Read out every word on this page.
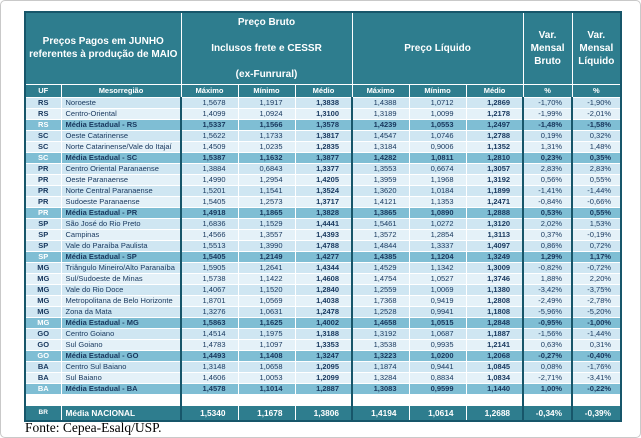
Preços Pagos em JUNHO
referentes à produção de MAIO

Preço Bruto
Inclusos frete e CESSR
(ex-Funrural)

Preço Líquido

Var.
Mensal
Bruto

Var.
Mensal
Líquido

UF	Mesorregião	Máximo	Mínimo	Médio	Máximo	Mínimo	Médio	%	%
RS	Noroeste	1,5678	1,1917	1,3838	1,4388	1,0712	1,2869	-1,70%	-1,90%
RS	Centro-Oriental	1,4099	1,0924	1,3100	1,3189	1,0099	1,2178	-1,99%	-2,01%
RS	Média Estadual - RS	1,5337	1,1566	1,3578	1,4239	1,0553	1,2497	-1,48%	-1,58%
SC	Oeste Catarinense	1,5622	1,1733	1,3817	1,4547	1,0746	1,2788	0,19%	0,32%
SC	Norte Catarinense/Vale do Itajaí	1,4509	1,0235	1,2835	1,3184	0,9006	1,1352	1,31%	1,48%
SC	Média Estadual - SC	1,5387	1,1632	1,3877	1,4282	1,0811	1,2810	0,23%	0,35%
PR	Centro Oriental Paranaense	1,3884	0,6843	1,3377	1,3553	0,6674	1,3057	2,83%	2,83%
PR	Oeste Paranaense	1,4990	1,2954	1,4205	1,3959	1,1968	1,3192	0,56%	0,55%
PR	Norte Central Paranaense	1,5201	1,1541	1,3524	1,3620	1,0184	1,1899	-1,41%	-1,44%
PR	Sudoeste Paranaense	1,5405	1,2573	1,3717	1,4121	1,1353	1,2471	-0,84%	-0,66%
PR	Média Estadual - PR	1,4918	1,1865	1,3828	1,3865	1,0890	1,2888	0,53%	0,55%
SP	São José do Rio Preto	1,6836	1,1529	1,4441	1,5461	1,0272	1,3120	2,02%	1,53%
SP	Campinas	1,4566	1,3557	1,4393	1,3572	1,2854	1,3113	0,37%	-0,19%
SP	Vale do Paraíba Paulista	1,5513	1,3990	1,4788	1,4844	1,3337	1,4097	0,86%	0,72%
SP	Média Estadual - SP	1,5405	1,2149	1,4277	1,4385	1,1204	1,3249	1,29%	1,17%
MG	Triângulo Mineiro/Alto Paranaíba	1,5905	1,2641	1,4344	1,4529	1,1342	1,3009	-0,82%	-0,72%
MG	Sul/Sudoeste de Minas	1,5738	1,1422	1,4608	1,4754	1,0527	1,3746	1,88%	2,20%
MG	Vale do Rio Doce	1,4067	1,1520	1,2840	1,2559	1,0069	1,1380	-3,42%	-3,75%
MG	Metropolitana de Belo Horizonte	1,8701	1,0569	1,4038	1,7368	0,9419	1,2808	-2,49%	-2,78%
MG	Zona da Mata	1,3276	1,0631	1,2478	1,2528	0,9941	1,1808	-5,96%	-5,20%
MG	Média Estadual - MG	1,5863	1,1625	1,4002	1,4658	1,0515	1,2848	-0,95%	-1,00%
GO	Centro Goiano	1,4514	1,1975	1,3188	1,3192	1,0687	1,1887	-1,56%	-1,44%
GO	Sul Goiano	1,4783	1,1097	1,3353	1,3538	0,9935	1,2141	0,63%	0,31%
GO	Média Estadual - GO	1,4493	1,1408	1,3247	1,3223	1,0200	1,2068	-0,27%	-0,40%
BA	Centro Sul Baiano	1,3148	1,0658	1,2095	1,1874	0,9441	1,0845	0,08%	-1,76%
BA	Sul Baiano	1,4606	1,0053	1,2099	1,3284	0,8834	1,0834	-2,71%	-3,41%
BA	Média Estadual - BA	1,4578	1,1014	1,2887	1,3083	0,9599	1,1440	1,00%	-0,22%

BR	Média NACIONAL	1,5340	1,1678	1,3806	1,4194	1,0614	1,2688	-0,34%	-0,39%
Fonte: Cepea-Esalq/USP.
